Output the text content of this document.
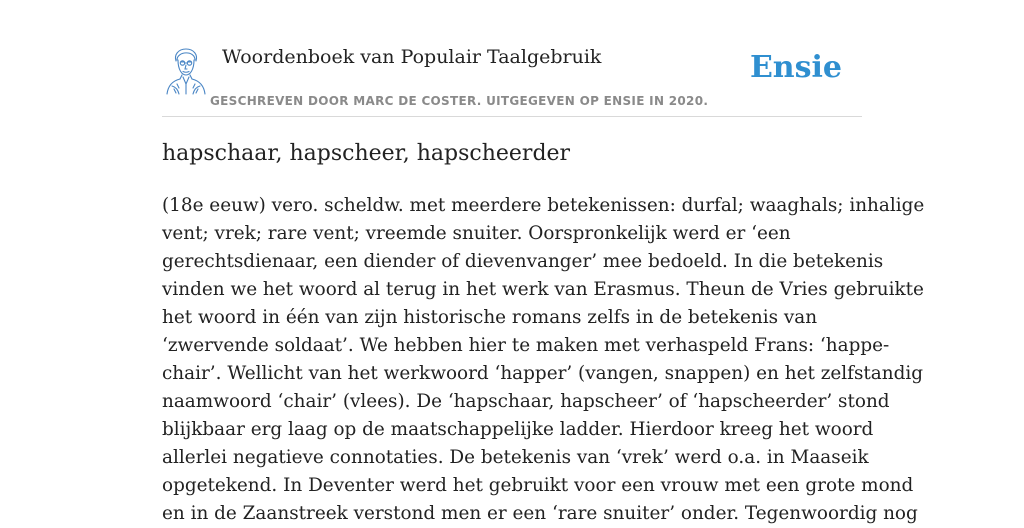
Woordenboek van Populair Taalgebruik
GESCHREVEN DOOR MARC DE COSTER. UITGEGEVEN OP ENSIE IN 2020.
Ensie
hapschaar, hapscheer, hapscheerder

(18e eeuw) vero. scheldw. met meerdere betekenissen: durfal; waaghals; inhalige
vent; vrek; rare vent; vreemde snuiter. Oorspronkelijk werd er ‘een
gerechtsdienaar, een diender of dievenvanger’ mee bedoeld. In die betekenis
vinden we het woord al terug in het werk van Erasmus. Theun de Vries gebruikte
het woord in één van zijn historische romans zelfs in de betekenis van
‘zwervende soldaat’. We hebben hier te maken met verhaspeld Frans: ‘happe-
chair’. Wellicht van het werkwoord ‘happer’ (vangen, snappen) en het zelfstandig
naamwoord ‘chair’ (vlees). De ‘hapschaar, hapscheer’ of ‘hapscheerder’ stond
blijkbaar erg laag op de maatschappelijke ladder. Hierdoor kreeg het woord
allerlei negatieve connotaties. De betekenis van ‘vrek’ werd o.a. in Maaseik
opgetekend. In Deventer werd het gebruikt voor een vrouw met een grote mond
en in de Zaanstreek verstond men er een ‘rare snuiter’ onder. Tegenwoordig nog
